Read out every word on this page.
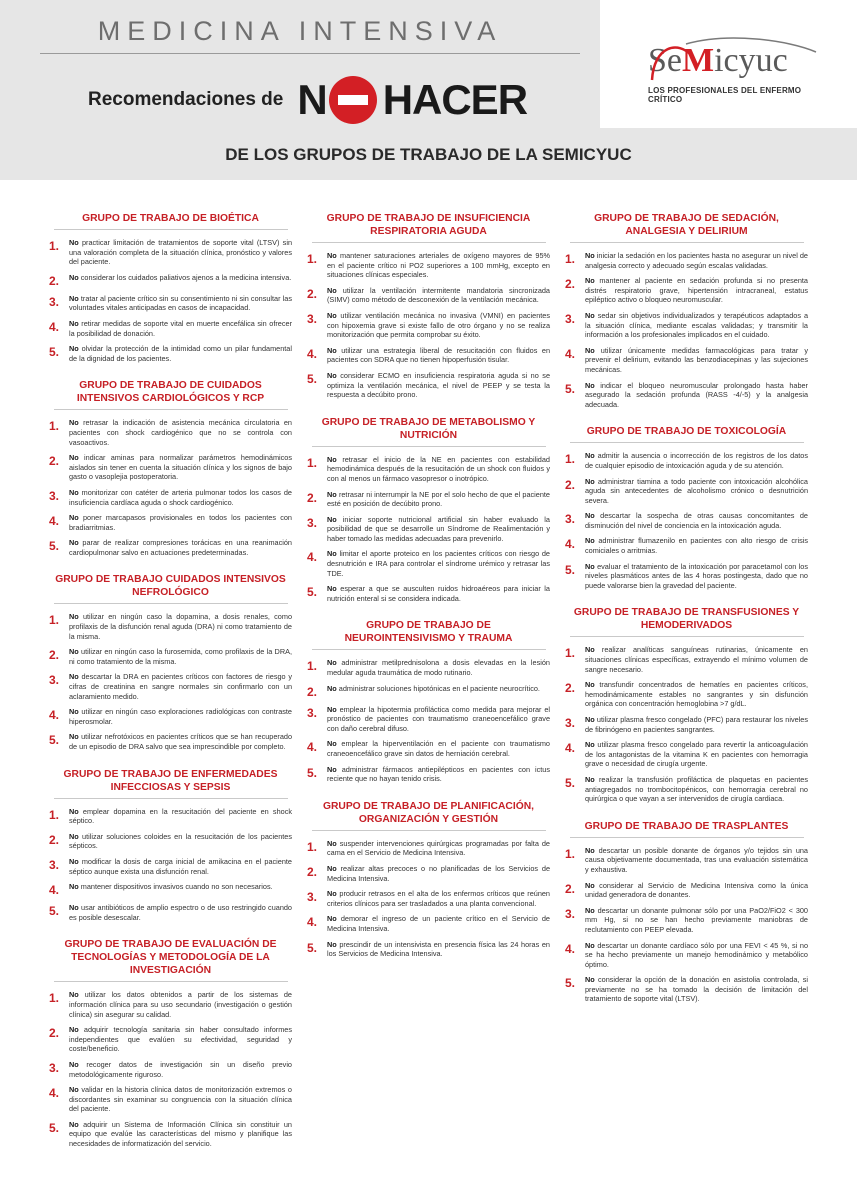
MEDICINA INTENSIVA
Recomendaciones de N HACER
Se M icyuc
LOS PROFESIONALES DEL ENFERMO CRÍTICO
DE LOS GRUPOS DE TRABAJO DE LA SEMICYUC
GRUPO DE TRABAJO DE BIOÉTICA
1.	No practicar limitación de tratamientos de soporte vital (LTSV) sin una valoración completa de la situación clínica, pronóstico y valores del paciente.
2.	No considerar los cuidados paliativos ajenos a la medicina intensiva.
3.	No tratar al paciente crítico sin su consentimiento ni sin consultar las voluntades vitales anticipadas en casos de incapacidad.
4.	No retirar medidas de soporte vital en muerte encefálica sin ofrecer la posibilidad de donación.
5.	No olvidar la protección de la intimidad como un pilar fundamental de la dignidad de los pacientes.
GRUPO DE TRABAJO DE CUIDADOS INTENSIVOS CARDIOLÓGICOS Y RCP
1.	No retrasar la indicación de asistencia mecánica circulatoria en pacientes con shock cardiogénico que no se controla con vasoactivos.
2.	No indicar aminas para normalizar parámetros hemodinámicos aislados sin tener en cuenta la situación clínica y los signos de bajo gasto o vasoplejia postoperatoria.
3.	No monitorizar con catéter de arteria pulmonar todos los casos de insuficiencia cardíaca aguda o shock cardiogénico.
4.	No poner marcapasos provisionales en todos los pacientes con bradiarritmias.
5.	No parar de realizar compresiones torácicas en una reanimación cardiopulmonar salvo en actuaciones predeterminadas.
GRUPO DE TRABAJO CUIDADOS INTENSIVOS NEFROLÓGICO
1.	No utilizar en ningún caso la dopamina, a dosis renales, como profilaxis de la disfunción renal aguda (DRA) ni como tratamiento de la misma.
2.	No utilizar en ningún caso la furosemida, como profilaxis de la DRA, ni como tratamiento de la misma.
3.	No descartar la DRA en pacientes críticos con factores de riesgo y cifras de creatinina en sangre normales sin confirmarlo con un aclaramiento medido.
4.	No utilizar en ningún caso exploraciones radiológicas con contraste hiperosmolar.
5.	No utilizar nefrotóxicos en pacientes críticos que se han recuperado de un episodio de DRA salvo que sea imprescindible por completo.
GRUPO DE TRABAJO DE ENFERMEDADES INFECCIOSAS Y SEPSIS
1.	No emplear dopamina en la resucitación del paciente en shock séptico.
2.	No utilizar soluciones coloides en la resucitación de los pacientes sépticos.
3.	No modificar la dosis de carga inicial de amikacina en el paciente séptico aunque exista una disfunción renal.
4.	No mantener dispositivos invasivos cuando no son necesarios.
5.	No usar antibióticos de amplio espectro o de uso restringido cuando es posible desescalar.
GRUPO DE TRABAJO DE EVALUACIÓN DE TECNOLOGÍAS Y METODOLOGÍA DE LA INVESTIGACIÓN
1.	No utilizar los datos obtenidos a partir de los sistemas de información clínica para su uso secundario (investigación o gestión clínica) sin asegurar su calidad.
2.	No adquirir tecnología sanitaria sin haber consultado informes independientes que evalúen su efectividad, seguridad y coste/beneficio.
3.	No recoger datos de investigación sin un diseño previo metodológicamente riguroso.
4.	No validar en la historia clínica datos de monitorización extremos o discordantes sin examinar su congruencia con la situación clínica del paciente.
5.	No adquirir un Sistema de Información Clínica sin constituir un equipo que evalúe las características del mismo y planifique las necesidades de informatización del servicio.
GRUPO DE TRABAJO DE INSUFICIENCIA RESPIRATORIA AGUDA
1.	No mantener saturaciones arteriales de oxígeno mayores de 95% en el paciente crítico ni PO2 superiores a 100 mmHg, excepto en situaciones clínicas especiales.
2.	No utilizar la ventilación intermitente mandatoria sincronizada (SIMV) como método de desconexión de la ventilación mecánica.
3.	No utilizar ventilación mecánica no invasiva (VMNI) en pacientes con hipoxemia grave si existe fallo de otro órgano y no se realiza monitorización que permita comprobar su éxito.
4.	No utilizar una estrategia liberal de resucitación con fluidos en pacientes con SDRA que no tienen hipoperfusión tisular.
5.	No considerar ECMO en insuficiencia respiratoria aguda si no se optimiza la ventilación mecánica, el nivel de PEEP y se testa la respuesta a decúbito prono.
GRUPO DE TRABAJO DE METABOLISMO Y NUTRICIÓN
1.	No retrasar el inicio de la NE en pacientes con estabilidad hemodinámica después de la resucitación de un shock con fluidos y con al menos un fármaco vasopresor o inotrópico.
2.	No retrasar ni interrumpir la NE por el solo hecho de que el paciente esté en posición de decúbito prono.
3.	No iniciar soporte nutricional artificial sin haber evaluado la posibilidad de que se desarrolle un Síndrome de Realimentación y haber tomado las medidas adecuadas para prevenirlo.
4.	No limitar el aporte proteico en los pacientes críticos con riesgo de desnutrición e IRA para controlar el síndrome urémico y retrasar las TDE.
5.	No esperar a que se ausculten ruidos hidroaéreos para iniciar la nutrición enteral si se considera indicada.
GRUPO DE TRABAJO DE NEUROINTENSIVISMO Y TRAUMA
1.	No administrar metilprednisolona a dosis elevadas en la lesión medular aguda traumática de modo rutinario.
2.	No administrar soluciones hipotónicas en el paciente neurocrítico.
3.	No emplear la hipotermia profiláctica como medida para mejorar el pronóstico de pacientes con traumatismo craneoencefálico grave con daño cerebral difuso.
4.	No emplear la hiperventilación en el paciente con traumatismo craneoencefálico grave sin datos de herniación cerebral.
5.	No administrar fármacos antiepilépticos en pacientes con ictus reciente que no hayan tenido crisis.
GRUPO DE TRABAJO DE PLANIFICACIÓN, ORGANIZACIÓN Y GESTIÓN
1.	No suspender intervenciones quirúrgicas programadas por falta de cama en el Servicio de Medicina Intensiva.
2.	No realizar altas precoces o no planificadas de los Servicios de Medicina Intensiva.
3.	No producir retrasos en el alta de los enfermos críticos que reúnen criterios clínicos para ser trasladados a una planta convencional.
4.	No demorar el ingreso de un paciente crítico en el Servicio de Medicina Intensiva.
5.	No prescindir de un intensivista en presencia física las 24 horas en los Servicios de Medicina Intensiva.
GRUPO DE TRABAJO DE SEDACIÓN, ANALGESIA Y DELIRIUM
1.	No iniciar la sedación en los pacientes hasta no asegurar un nivel de analgesia correcto y adecuado según escalas validadas.
2.	No mantener al paciente en sedación profunda si no presenta distrés respiratorio grave, hipertensión intracraneal, estatus epiléptico activo o bloqueo neuromuscular.
3.	No sedar sin objetivos individualizados y terapéuticos adaptados a la situación clínica, mediante escalas validadas; y transmitir la información a los profesionales implicados en el cuidado.
4.	No utilizar únicamente medidas farmacológicas para tratar y prevenir el delirium, evitando las benzodiacepinas y las sujeciones mecánicas.
5.	No indicar el bloqueo neuromuscular prolongado hasta haber asegurado la sedación profunda (RASS -4/-5) y la analgesia adecuada.
GRUPO DE TRABAJO DE TOXICOLOGÍA
1.	No admitir la ausencia o incorrección de los registros de los datos de cualquier episodio de intoxicación aguda y de su atención.
2.	No administrar tiamina a todo paciente con intoxicación alcohólica aguda sin antecedentes de alcoholismo crónico o desnutrición severa.
3.	No descartar la sospecha de otras causas concomitantes de disminución del nivel de conciencia en la intoxicación aguda.
4.	No administrar flumazenilo en pacientes con alto riesgo de crisis comiciales o arritmias.
5.	No evaluar el tratamiento de la intoxicación por paracetamol con los niveles plasmáticos antes de las 4 horas postingesta, dado que no puede valorarse bien la gravedad del paciente.
GRUPO DE TRABAJO DE TRANSFUSIONES Y HEMODERIVADOS
1.	No realizar analíticas sanguíneas rutinarias, únicamente en situaciones clínicas específicas, extrayendo el mínimo volumen de sangre necesario.
2.	No transfundir concentrados de hematíes en pacientes críticos, hemodinámicamente estables no sangrantes y sin disfunción orgánica con concentración hemoglobina >7 g/dL.
3.	No utilizar plasma fresco congelado (PFC) para restaurar los niveles de fibrinógeno en pacientes sangrantes.
4.	No utilizar plasma fresco congelado para revertir la anticoagulación de los antagonistas de la vitamina K en pacientes con hemorragia grave o necesidad de cirugía urgente.
5.	No realizar la transfusión profiláctica de plaquetas en pacientes antiagregados no trombocitopénicos, con hemorragia cerebral no quirúrgica o que vayan a ser intervenidos de cirugía cardiaca.
GRUPO DE TRABAJO DE TRASPLANTES
1.	No descartar un posible donante de órganos y/o tejidos sin una causa objetivamente documentada, tras una evaluación sistemática y exhaustiva.
2.	No considerar al Servicio de Medicina Intensiva como la única unidad generadora de donantes.
3.	No descartar un donante pulmonar sólo por una PaO2/FiO2 < 300 mm Hg, si no se han hecho previamente maniobras de reclutamiento con PEEP elevada.
4.	No descartar un donante cardíaco sólo por una FEVI < 45 %, si no se ha hecho previamente un manejo hemodinámico y metabólico óptimo.
5.	No considerar la opción de la donación en asistolia controlada, si previamente no se ha tomado la decisión de limitación del tratamiento de soporte vital (LTSV).
